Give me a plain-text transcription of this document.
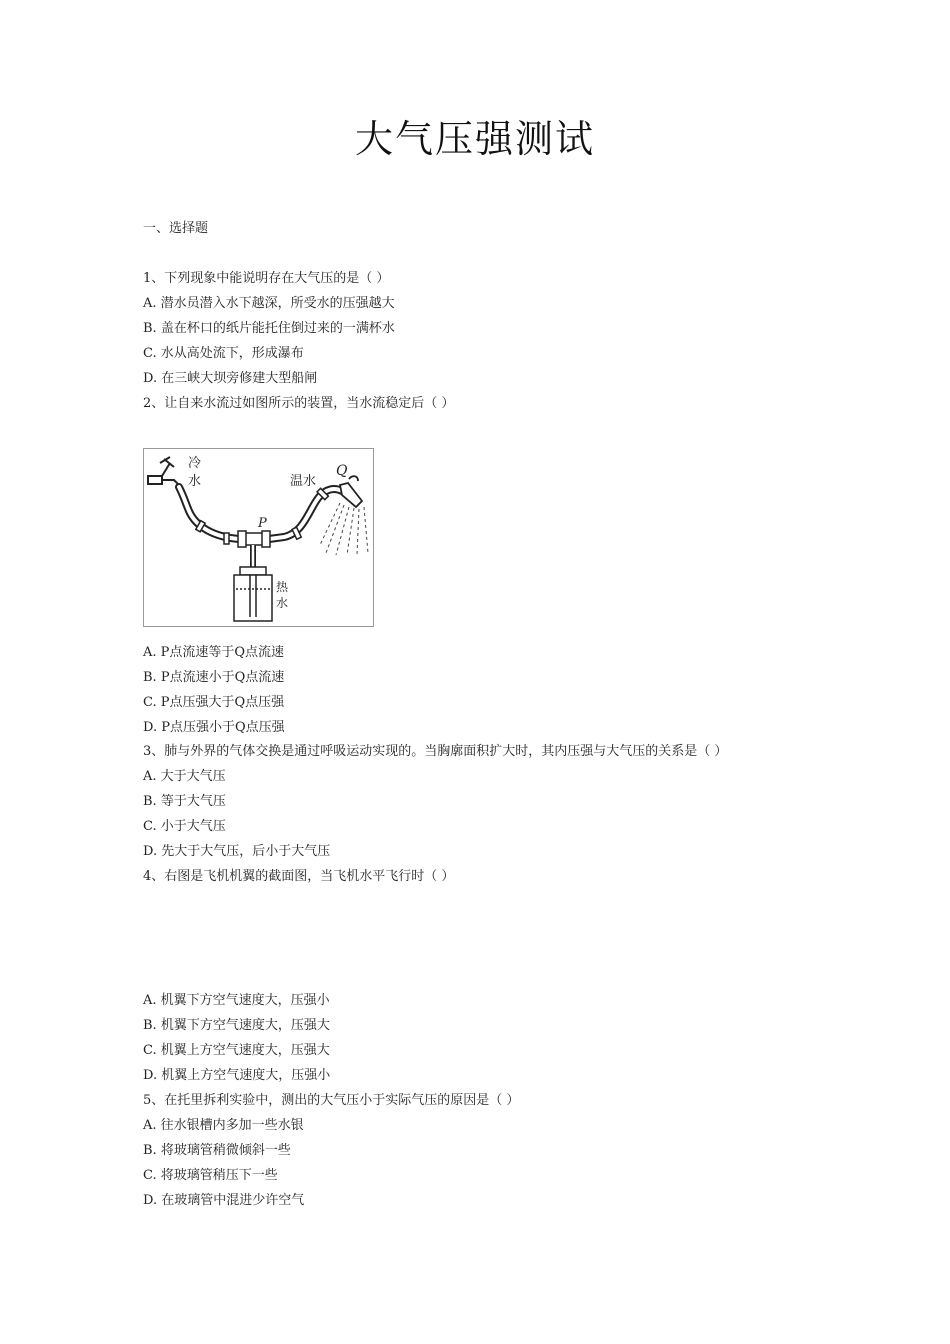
大气压强测试
一、选择题
1、下列现象中能说明存在大气压的是（ ）
A. 潜水员潜入水下越深，所受水的压强越大
B. 盖在杯口的纸片能托住倒过来的一满杯水
C. 水从高处流下，形成瀑布
D. 在三峡大坝旁修建大型船闸
2、让自来水流过如图所示的装置，当水流稳定后（ ）
冷
水	温水
Q
P
热
水
A. P点流速等于Q点流速
B. P点流速小于Q点流速
C. P点压强大于Q点压强
D. P点压强小于Q点压强
3、肺与外界的气体交换是通过呼吸运动实现的。当胸廓面积扩大时，其内压强与大气压的关系是（ ）
A. 大于大气压
B. 等于大气压
C. 小于大气压
D. 先大于大气压，后小于大气压
4、右图是飞机机翼的截面图，当飞机水平飞行时（ ）
A. 机翼下方空气速度大，压强小
B. 机翼下方空气速度大，压强大
C. 机翼上方空气速度大，压强大
D. 机翼上方空气速度大，压强小
5、在托里拆利实验中，测出的大气压小于实际气压的原因是（ ）
A. 往水银槽内多加一些水银
B. 将玻璃管稍微倾斜一些
C. 将玻璃管稍压下一些
D. 在玻璃管中混进少许空气
